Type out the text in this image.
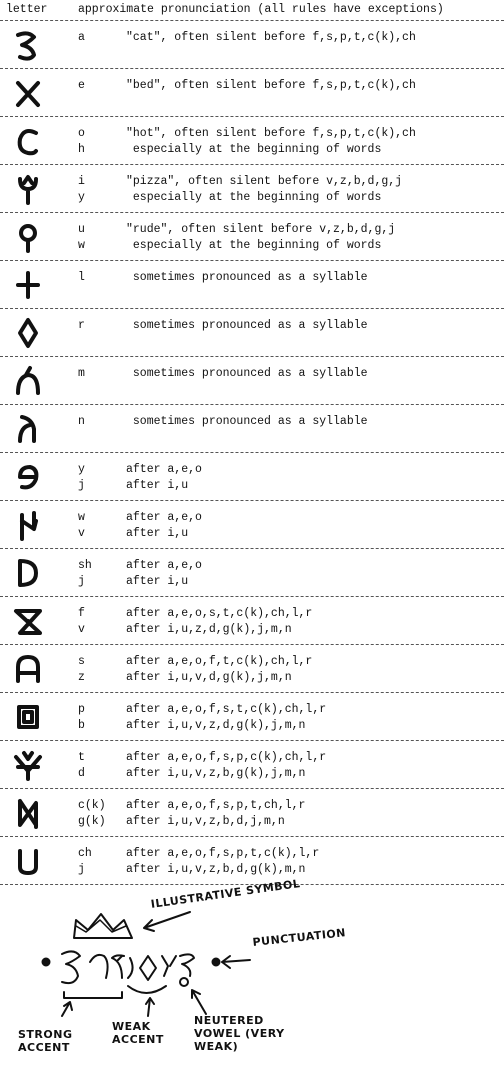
letter	approximate pronunciation (all rules have exceptions)
a	"cat", often silent before f,s,p,t,c(k),ch
e	"bed", often silent before f,s,p,t,c(k),ch
o	"hot", often silent before f,s,p,t,c(k),ch
h	especially at the beginning of words
i	"pizza", often silent before v,z,b,d,g,j
y	especially at the beginning of words
u	"rude", often silent before v,z,b,d,g,j
w	especially at the beginning of words
l	sometimes pronounced as a syllable
r	sometimes pronounced as a syllable
m	sometimes pronounced as a syllable
n	sometimes pronounced as a syllable
y	after a,e,o
j	after i,u
w	after a,e,o
v	after i,u
sh	after a,e,o
j	after i,u
f	after a,e,o,s,t,c(k),ch,l,r
v	after i,u,z,d,g(k),j,m,n
s	after a,e,o,f,t,c(k),ch,l,r
z	after i,u,v,d,g(k),j,m,n
p	after a,e,o,f,s,t,c(k),ch,l,r
b	after i,u,v,z,d,g(k),j,m,n
t	after a,e,o,f,s,p,c(k),ch,l,r
d	after i,u,v,z,b,g(k),j,m,n
c(k) after a,e,o,f,s,p,t,ch,l,r
g(k) after i,u,v,z,b,d,j,m,n
ch	after a,e,o,f,s,p,t,c(k),l,r
j	after i,u,v,z,b,d,g(k),m,n
ILLUSTRATIVE SYMBOL
PUNCTUATION
STRONG ACCENT
WEAK ACCENT
NEUTERED VOWEL (VERY WEAK)
